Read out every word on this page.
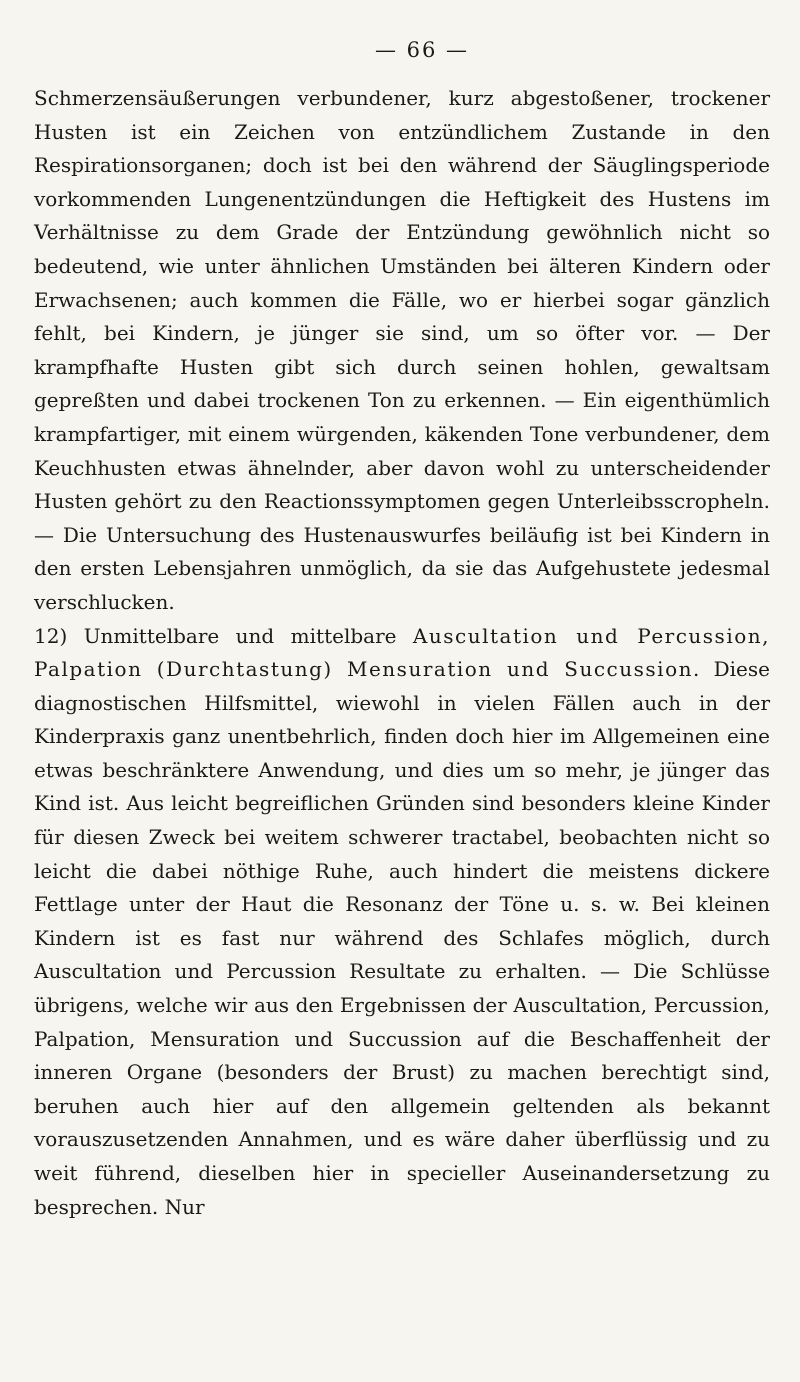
— 66 —

Schmerzensäußerungen verbundener, kurz abgestoßener, trockener Husten ist ein Zeichen von entzündlichem Zustande in den Respirationsorganen; doch ist bei den während der Säuglingsperiode vorkommenden Lungenentzündungen die Heftigkeit des Hustens im Verhältnisse zu dem Grade der Entzündung gewöhnlich nicht so bedeutend, wie unter ähnlichen Umständen bei älteren Kindern oder Erwachsenen; auch kommen die Fälle, wo er hierbei sogar gänzlich fehlt, bei Kindern, je jünger sie sind, um so öfter vor. — Der krampfhafte Husten gibt sich durch seinen hohlen, gewaltsam gepreßten und dabei trockenen Ton zu erkennen. — Ein eigenthümlich krampfartiger, mit einem würgenden, käkenden Tone verbundener, dem Keuchhusten etwas ähnelnder, aber davon wohl zu unterscheidender Husten gehört zu den Reactionssymptomen gegen Unterleibsscropheln. — Die Untersuchung des Hustenauswurfes beiläufig ist bei Kindern in den ersten Lebensjahren unmöglich, da sie das Aufgehustete jedesmal verschlucken.

12) Unmittelbare und mittelbare Auscultation und Percussion, Palpation (Durchtastung) Mensuration und Succussion. Diese diagnostischen Hilfsmittel, wiewohl in vielen Fällen auch in der Kinderpraxis ganz unentbehrlich, finden doch hier im Allgemeinen eine etwas beschränktere Anwendung, und dies um so mehr, je jünger das Kind ist. Aus leicht begreiflichen Gründen sind besonders kleine Kinder für diesen Zweck bei weitem schwerer tractabel, beobachten nicht so leicht die dabei nöthige Ruhe, auch hindert die meistens dickere Fettlage unter der Haut die Resonanz der Töne u. s. w. Bei kleinen Kindern ist es fast nur während des Schlafes möglich, durch Auscultation und Percussion Resultate zu erhalten. — Die Schlüsse übrigens, welche wir aus den Ergebnissen der Auscultation, Percussion, Palpation, Mensuration und Succussion auf die Beschaffenheit der inneren Organe (besonders der Brust) zu machen berechtigt sind, beruhen auch hier auf den allgemein geltenden als bekannt vorauszusetzenden Annahmen, und es wäre daher überflüssig und zu weit führend, dieselben hier in specieller Auseinandersetzung zu besprechen. Nur
